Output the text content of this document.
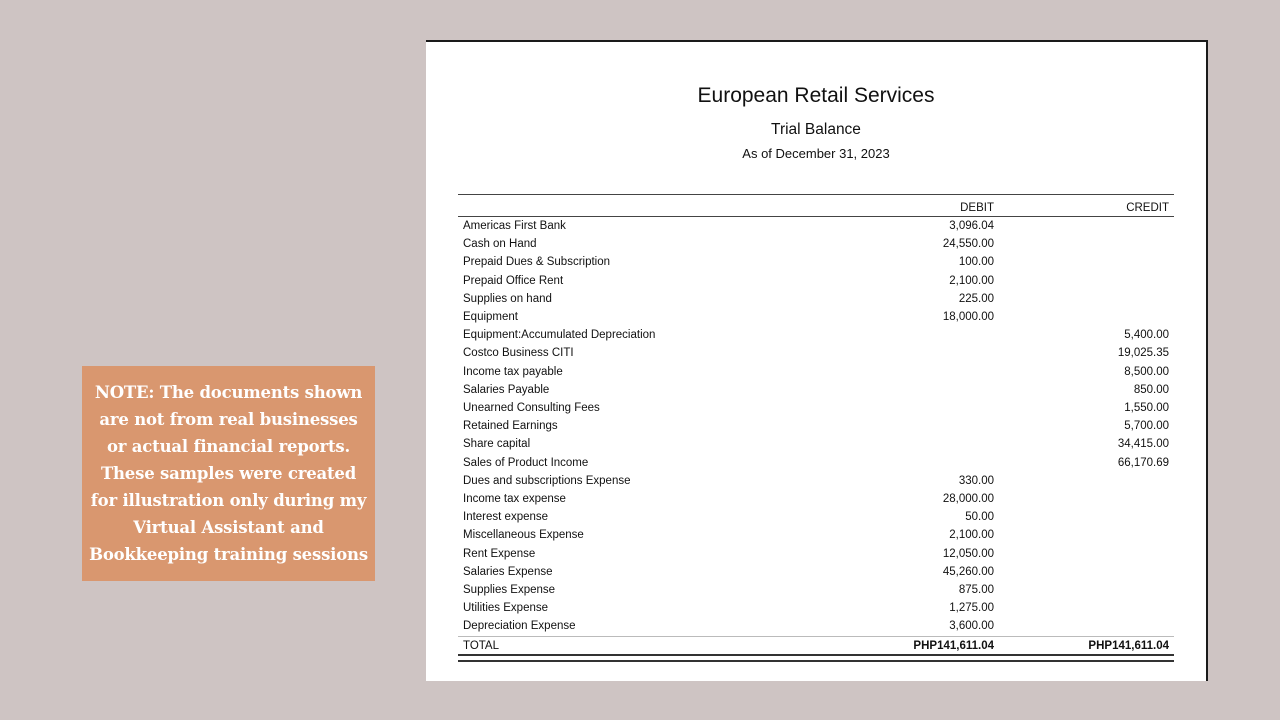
NOTE: The documents shown are not from real businesses or actual financial reports. These samples were created for illustration only during my Virtual Assistant and Bookkeeping training sessions

European Retail Services
Trial Balance
As of December 31, 2023
	DEBIT	CREDIT
Americas First Bank	3,096.04	
Cash on Hand	24,550.00	
Prepaid Dues & Subscription	100.00	
Prepaid Office Rent	2,100.00	
Supplies on hand	225.00	
Equipment	18,000.00	
Equipment:Accumulated Depreciation		5,400.00
Costco Business CITI		19,025.35
Income tax payable		8,500.00
Salaries Payable		850.00
Unearned Consulting Fees		1,550.00
Retained Earnings		5,700.00
Share capital		34,415.00
Sales of Product Income		66,170.69
Dues and subscriptions Expense	330.00	
Income tax expense	28,000.00	
Interest expense	50.00	
Miscellaneous Expense	2,100.00	
Rent Expense	12,050.00	
Salaries Expense	45,260.00	
Supplies Expense	875.00	
Utilities Expense	1,275.00	
Depreciation Expense	3,600.00	
TOTAL	PHP141,611.04	PHP141,611.04
